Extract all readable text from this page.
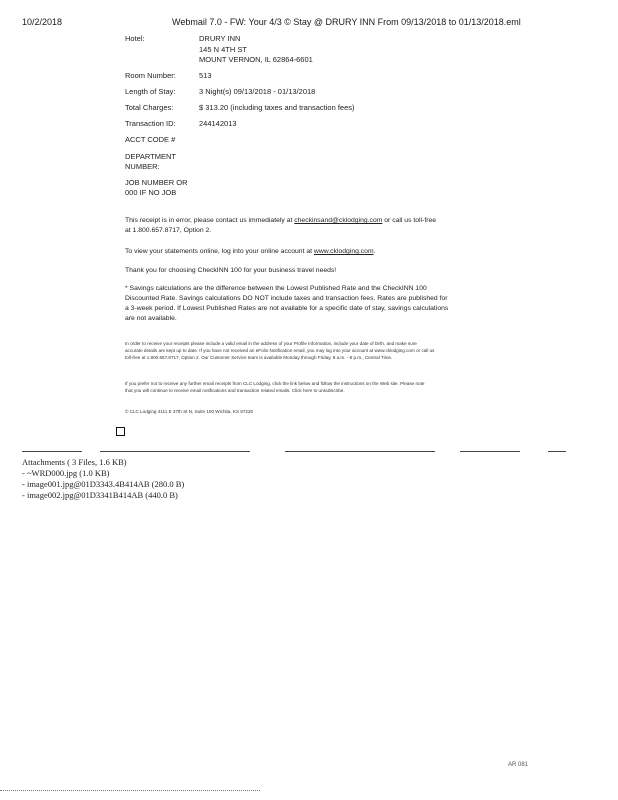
10/2/2018	Webmail 7.0 - FW: Your 4/3 © Stay @ DRURY INN From 09/13/2018 to 01/13/2018.eml
Hotel:	DRURY INN
145 N 4TH ST
MOUNT VERNON, IL 62864-6601
Room Number:	513
Length of Stay:	3 Night(s) 09/13/2018 - 01/13/2018
Total Charges:	$ 313.20 (including taxes and transaction fees)
Transaction ID:	244142013
ACCT CODE #
DEPARTMENT
NUMBER:
JOB NUMBER OR
000 IF NO JOB
This receipt is in error, please contact us immediately at checkinsand@cklodging.com or call us toll-free
at 1.800.657.8717, Option 2.
To view your statements online, log into your online account at www.cklodging.com.
Thank you for choosing CheckINN 100 for your business travel needs!
* Savings calculations are the difference between the Lowest Published Rate and the CheckINN 100
Discounted Rate. Savings calculations DO NOT include taxes and transaction fees. Rates are published for
a 3-week period. If Lowest Published Rates are not available for a specific date of stay, savings calculations
are not available.
In order to receive your receipts please include a valid email in the address of your Profile Information, include your date of birth, and make sure
accurate details are kept up to date. If you have not received an eFolio Notification email, you may log into your account at www.cklodging.com or call us
toll-free at 1.800.657.8717, Option 2. Our Customer Service team is available Monday through Friday, 8 a.m. - 8 p.m., Central Time.
If you prefer not to receive any further email receipts from CLC Lodging, click the link below and follow the instructions on the Web site. Please note
that you will continue to receive email notifications and transaction related emails. Click here to unsubscribe.
© CLC Lodging 4111 E 37th St N, Suite 100 Wichita, KS 67220
Attachments ( 3 Files, 1.6 KB)
- ~WRD000.jpg (1.0 KB)
- image001.jpg@01D3343.4B414AB (280.0 B)
- image002.jpg@01D3341B414AB (440.0 B)
AR 081
